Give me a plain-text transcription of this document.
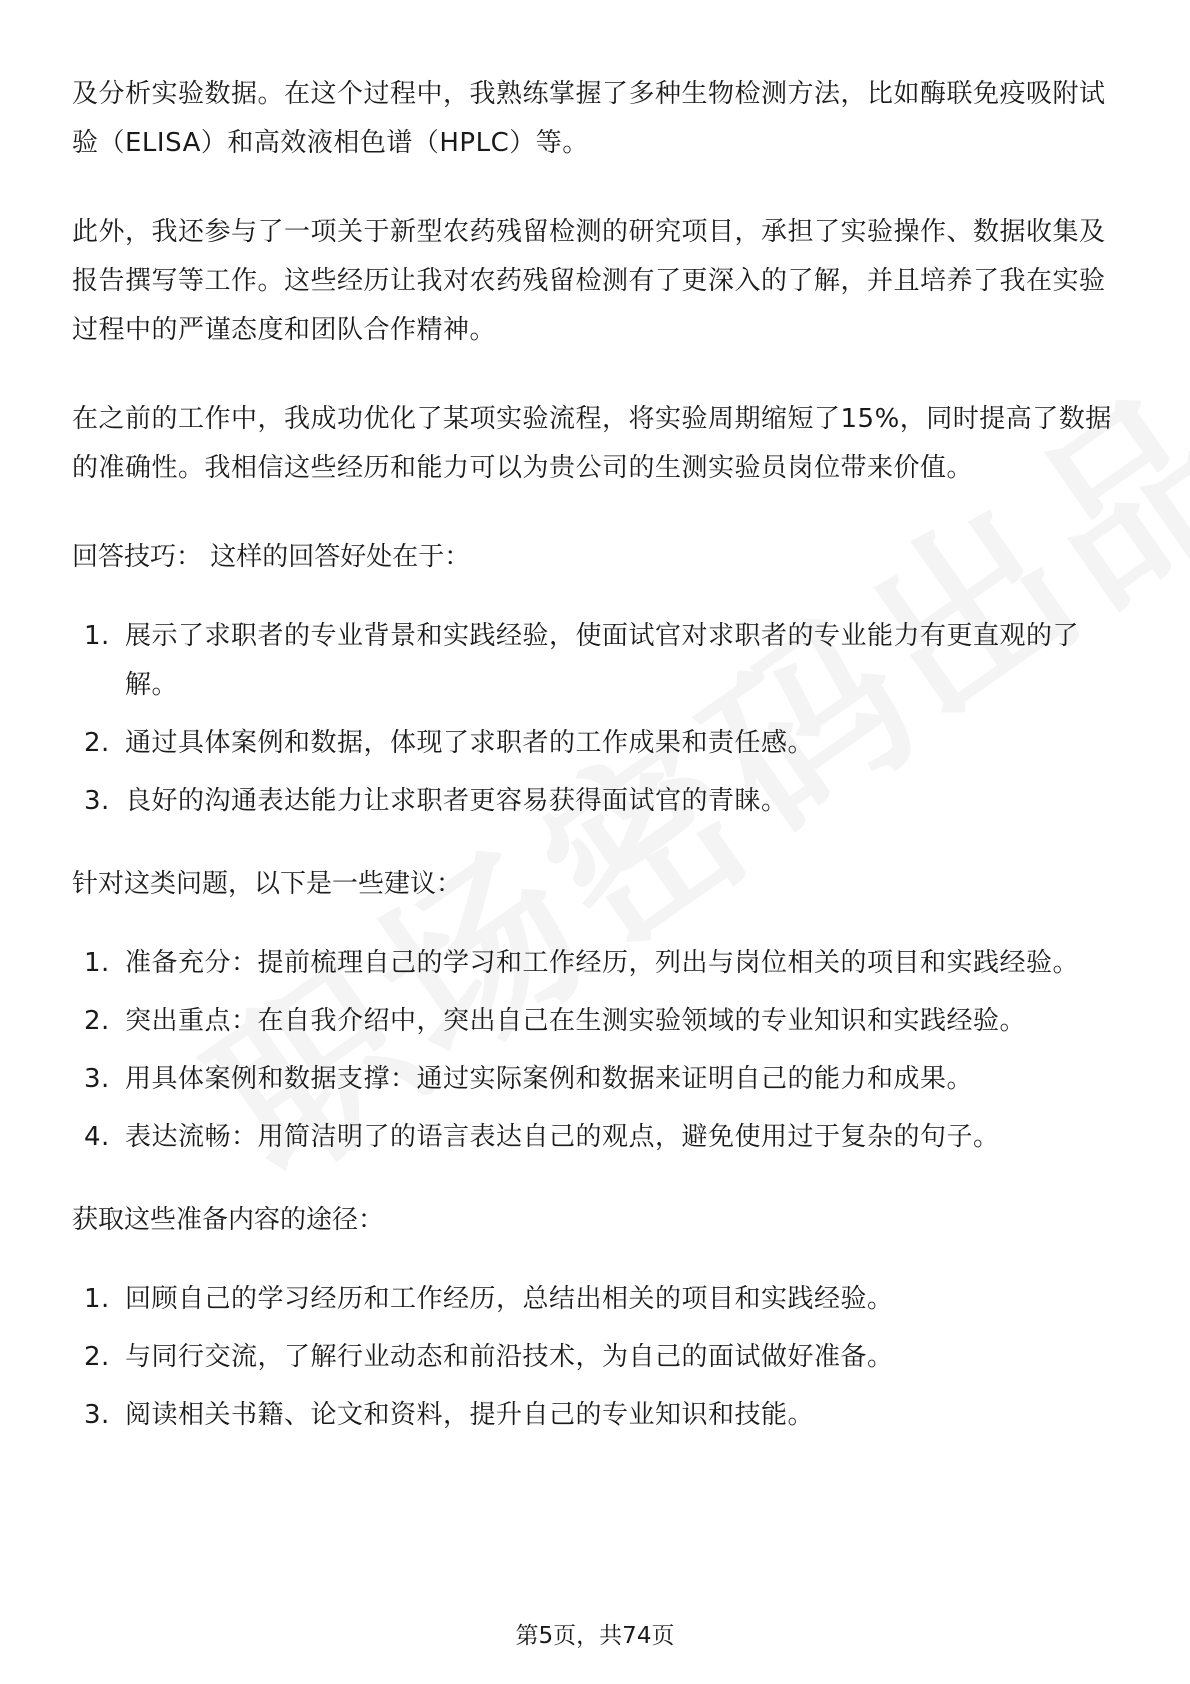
及分析实验数据。在这个过程中，我熟练掌握了多种生物检测方法，比如酶联免疫吸附试验（ELISA）和高效液相色谱（HPLC）等。

此外，我还参与了一项关于新型农药残留检测的研究项目，承担了实验操作、数据收集及报告撰写等工作。这些经历让我对农药残留检测有了更深入的了解，并且培养了我在实验过程中的严谨态度和团队合作精神。

在之前的工作中，我成功优化了某项实验流程，将实验周期缩短了15%，同时提高了数据的准确性。我相信这些经历和能力可以为贵公司的生测实验员岗位带来价值。

回答技巧： 这样的回答好处在于：

1. 展示了求职者的专业背景和实践经验，使面试官对求职者的专业能力有更直观的了解。
2. 通过具体案例和数据，体现了求职者的工作成果和责任感。
3. 良好的沟通表达能力让求职者更容易获得面试官的青睐。

针对这类问题，以下是一些建议：

1. 准备充分：提前梳理自己的学习和工作经历，列出与岗位相关的项目和实践经验。
2. 突出重点：在自我介绍中，突出自己在生测实验领域的专业知识和实践经验。
3. 用具体案例和数据支撑：通过实际案例和数据来证明自己的能力和成果。
4. 表达流畅：用简洁明了的语言表达自己的观点，避免使用过于复杂的句子。

获取这些准备内容的途径：

1. 回顾自己的学习经历和工作经历，总结出相关的项目和实践经验。
2. 与同行交流，了解行业动态和前沿技术，为自己的面试做好准备。
3. 阅读相关书籍、论文和资料，提升自己的专业知识和技能。
第5页，共74页
